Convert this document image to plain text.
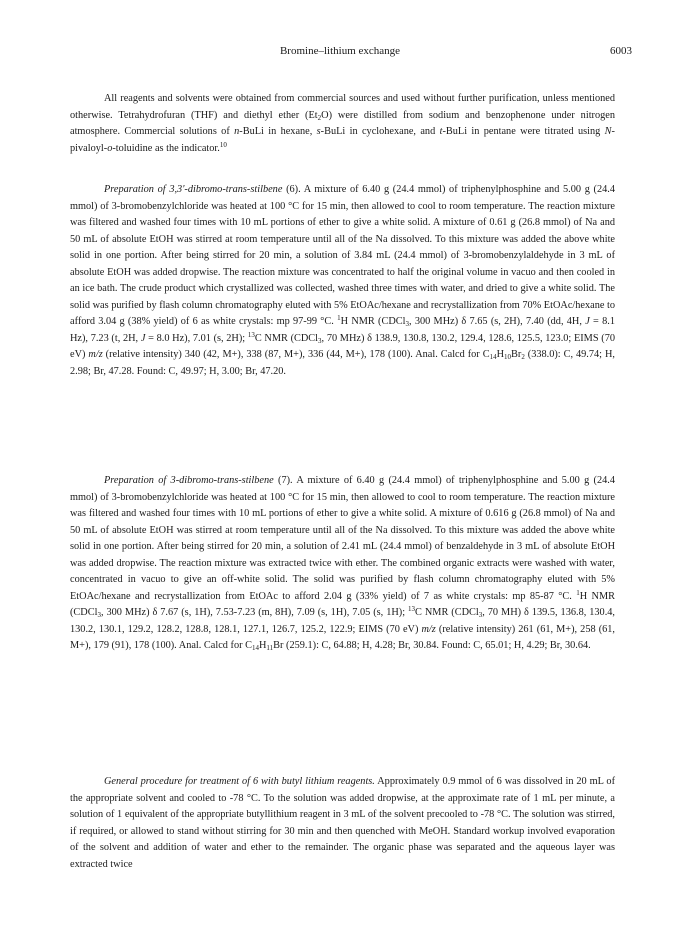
Bromine–lithium exchange	6003

All reagents and solvents were obtained from commercial sources and used without further purification, unless mentioned otherwise. Tetrahydrofuran (THF) and diethyl ether $(Et_2O)$ were distilled from sodium and benzophenone under nitrogen atmosphere. Commercial solutions of n-BuLi in hexane, s-BuLi in cyclohexane, and t-BuLi in pentane were titrated using N-pivaloyl-o-toluidine as the indicator.$^{10}$

Preparation of 3,3'-dibromo-trans-stilbene (6). A mixture of 6.40 g (24.4 mmol) of triphenylphosphine and 5.00 g (24.4 mmol) of 3-bromobenzylchloride was heated at 100 °C for 15 min, then allowed to cool to room temperature. The reaction mixture was filtered and washed four times with 10 mL portions of ether to give a white solid. A mixture of 0.61 g (26.8 mmol) of Na and 50 mL of absolute EtOH was stirred at room temperature until all of the Na dissolved. To this mixture was added the above white solid in one portion. After being stirred for 20 min, a solution of 3.84 mL (24.4 mmol) of 3-bromobenzylaldehyde in 3 mL of absolute EtOH was added dropwise. The reaction mixture was concentrated to half the original volume in vacuo and then cooled in an ice bath. The crude product which crystallized was collected, washed three times with water, and dried to give a white solid. The solid was purified by flash column chromatography eluted with 5% EtOAc/hexane and recrystallization from 70% EtOAc/hexane to afford 3.04 g (38% yield) of 6 as white crystals: mp 97-99 °C. $^1$H NMR (CDCl$_3$, 300 MHz) δ 7.65 (s, 2H), 7.40 (dd, 4H, J = 8.1 Hz), 7.23 (t, 2H, J = 8.0 Hz), 7.01 (s, 2H); $^{13}$C NMR (CDCl$_3$, 70 MHz) δ 138.9, 130.8, 130.2, 129.4, 128.6, 125.5, 123.0; EIMS (70 eV) m/z (relative intensity) 340 (42, M+), 338 (87, M+), 336 (44, M+), 178 (100). Anal. Calcd for $C_{14}H_{10}Br_2$ (338.0): C, 49.74; H, 2.98; Br, 47.28. Found: C, 49.97; H, 3.00; Br, 47.20.

Preparation of 3-dibromo-trans-stilbene (7). A mixture of 6.40 g (24.4 mmol) of triphenylphosphine and 5.00 g (24.4 mmol) of 3-bromobenzylchloride was heated at 100 °C for 15 min, then allowed to cool to room temperature. The reaction mixture was filtered and washed four times with 10 mL portions of ether to give a white solid. A mixture of 0.616 g (26.8 mmol) of Na and 50 mL of absolute EtOH was stirred at room temperature until all of the Na dissolved. To this mixture was added the above white solid in one portion. After being stirred for 20 min, a solution of 2.41 mL (24.4 mmol) of benzaldehyde in 3 mL of absolute EtOH was added dropwise. The reaction mixture was extracted twice with ether. The combined organic extracts were washed with water, concentrated in vacuo to give an off-white solid. The solid was purified by flash column chromatography eluted with 5% EtOAc/hexane and recrystallization from EtOAc to afford 2.04 g (33% yield) of 7 as white crystals: mp 85-87 °C. $^1$H NMR (CDCl$_3$, 300 MHz) δ 7.67 (s, 1H), 7.53-7.23 (m, 8H), 7.09 (s, 1H), 7.05 (s, 1H); $^{13}$C NMR (CDCl$_3$, 70 MH) δ 139.5, 136.8, 130.4, 130.2, 130.1, 129.2, 128.2, 128.8, 128.1, 127.1, 126.7, 125.2, 122.9; EIMS (70 eV) m/z (relative intensity) 261 (61, M+), 258 (61, M+), 179 (91), 178 (100). Anal. Calcd for $C_{14}H_{11}Br$ (259.1): C, 64.88; H, 4.28; Br, 30.84. Found: C, 65.01; H, 4.29; Br, 30.64.

General procedure for treatment of 6 with butyl lithium reagents. Approximately 0.9 mmol of 6 was dissolved in 20 mL of the appropriate solvent and cooled to -78 °C. To the solution was added dropwise, at the approximate rate of 1 mL per minute, a solution of 1 equivalent of the appropriate butyllithium reagent in 3 mL of the solvent precooled to -78 °C. The solution was stirred, if required, or allowed to stand without stirring for 30 min and then quenched with MeOH. Standard workup involved evaporation of the solvent and addition of water and ether to the remainder. The organic phase was separated and the aqueous layer was extracted twice
